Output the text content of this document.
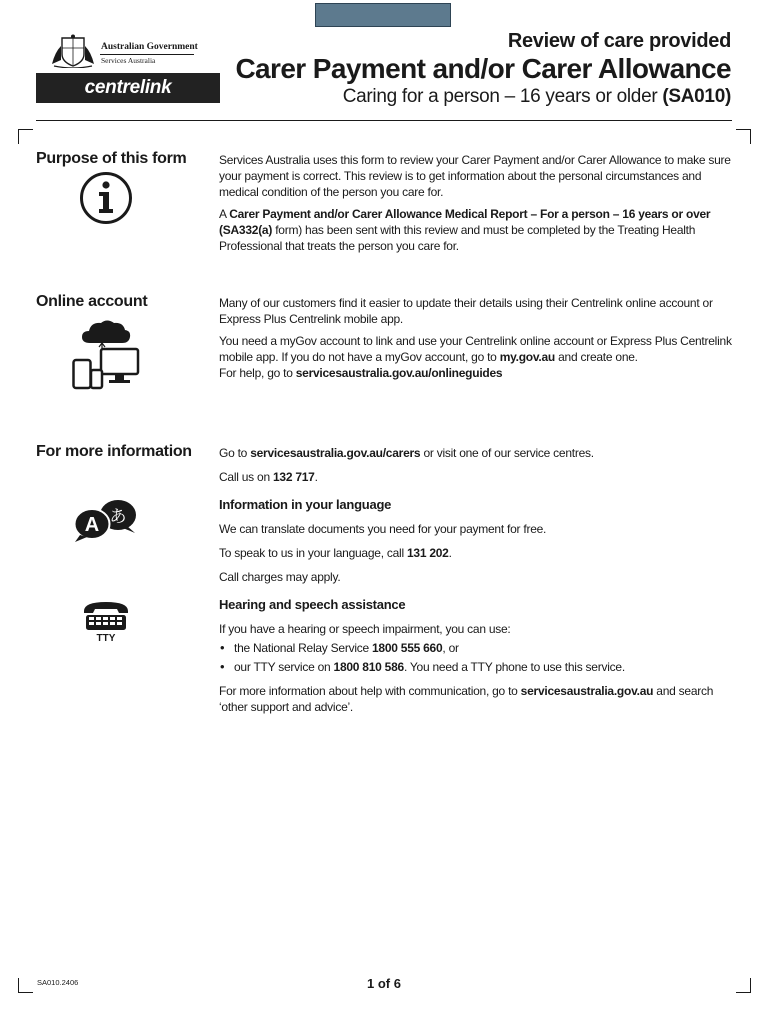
Australian Government
Services Australia
centrelink
Review of care provided
Carer Payment and/or Carer Allowance
Caring for a person – 16 years or older (SA010)
Purpose of this form	Services Australia uses this form to review your Carer Payment and/or Carer Allowance to make sure your payment is correct. This review is to get information about the personal circumstances and medical condition of the person you care for.

A Carer Payment and/or Carer Allowance Medical Report – For a person – 16 years or over (SA332(a) form) has been sent with this review and must be completed by the Treating Health Professional that treats the person you care for.

Online account	Many of our customers find it easier to update their details using their Centrelink online account or Express Plus Centrelink mobile app.

You need a myGov account to link and use your Centrelink online account or Express Plus Centrelink mobile app. If you do not have a myGov account, go to my.gov.au and create one.

For help, go to servicesaustralia.gov.au/onlineguides

For more information Go to servicesaustralia.gov.au/carers or visit one of our service centres.

Call us on 132 717.

Information in your language

We can translate documents you need for your payment for free.

To speak to us in your language, call 131 202.

Call charges may apply.

Hearing and speech assistance

If you have a hearing or speech impairment, you can use:

• the National Relay Service 1800 555 660, or
• our TTY service on 1800 810 586. You need a TTY phone to use this service.

For more information about help with communication, go to servicesaustralia.gov.au and search ‘other support and advice’.

あ
A
TTY
SA010.2406	1 of 6
